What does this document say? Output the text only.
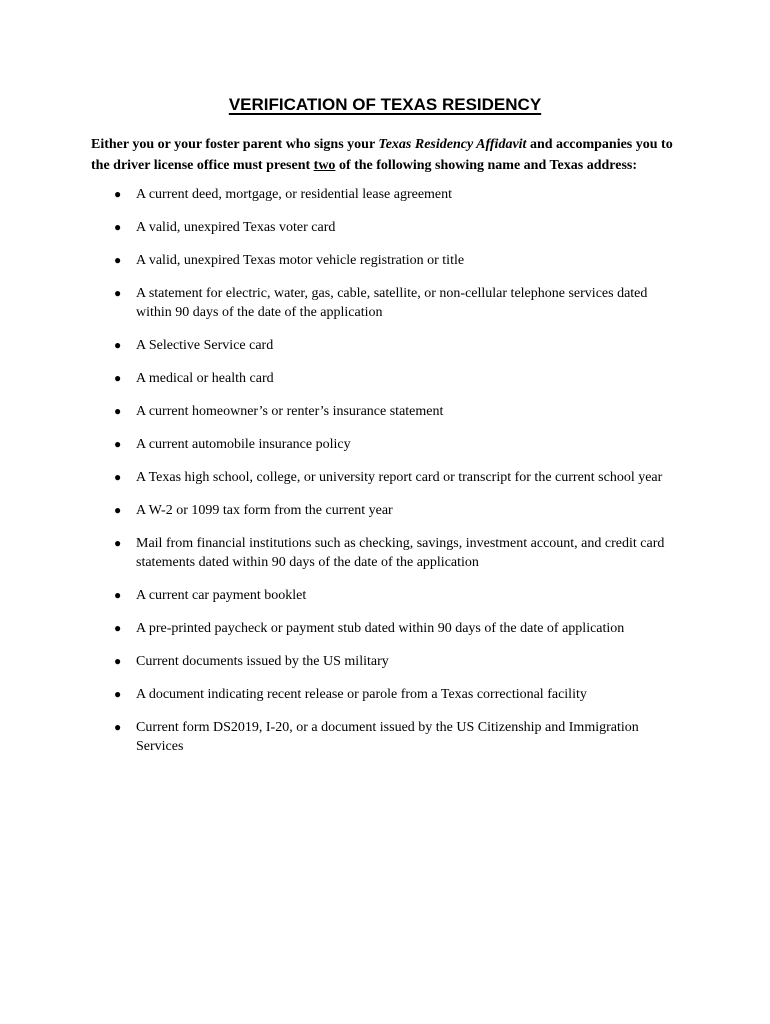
VERIFICATION OF TEXAS RESIDENCY

Either you or your foster parent who signs your Texas Residency Affidavit and accompanies you to the driver license office must present two of the following showing name and Texas address:

● A current deed, mortgage, or residential lease agreement
● A valid, unexpired Texas voter card
● A valid, unexpired Texas motor vehicle registration or title
● A statement for electric, water, gas, cable, satellite, or non-cellular telephone services dated within 90 days of the date of the application
● A Selective Service card
● A medical or health card
● A current homeowner’s or renter’s insurance statement
● A current automobile insurance policy
● A Texas high school, college, or university report card or transcript for the current school year
● A W-2 or 1099 tax form from the current year
● Mail from financial institutions such as checking, savings, investment account, and credit card statements dated within 90 days of the date of the application
● A current car payment booklet
● A pre-printed paycheck or payment stub dated within 90 days of the date of application
● Current documents issued by the US military
● A document indicating recent release or parole from a Texas correctional facility
● Current form DS2019, I-20, or a document issued by the US Citizenship and Immigration Services
